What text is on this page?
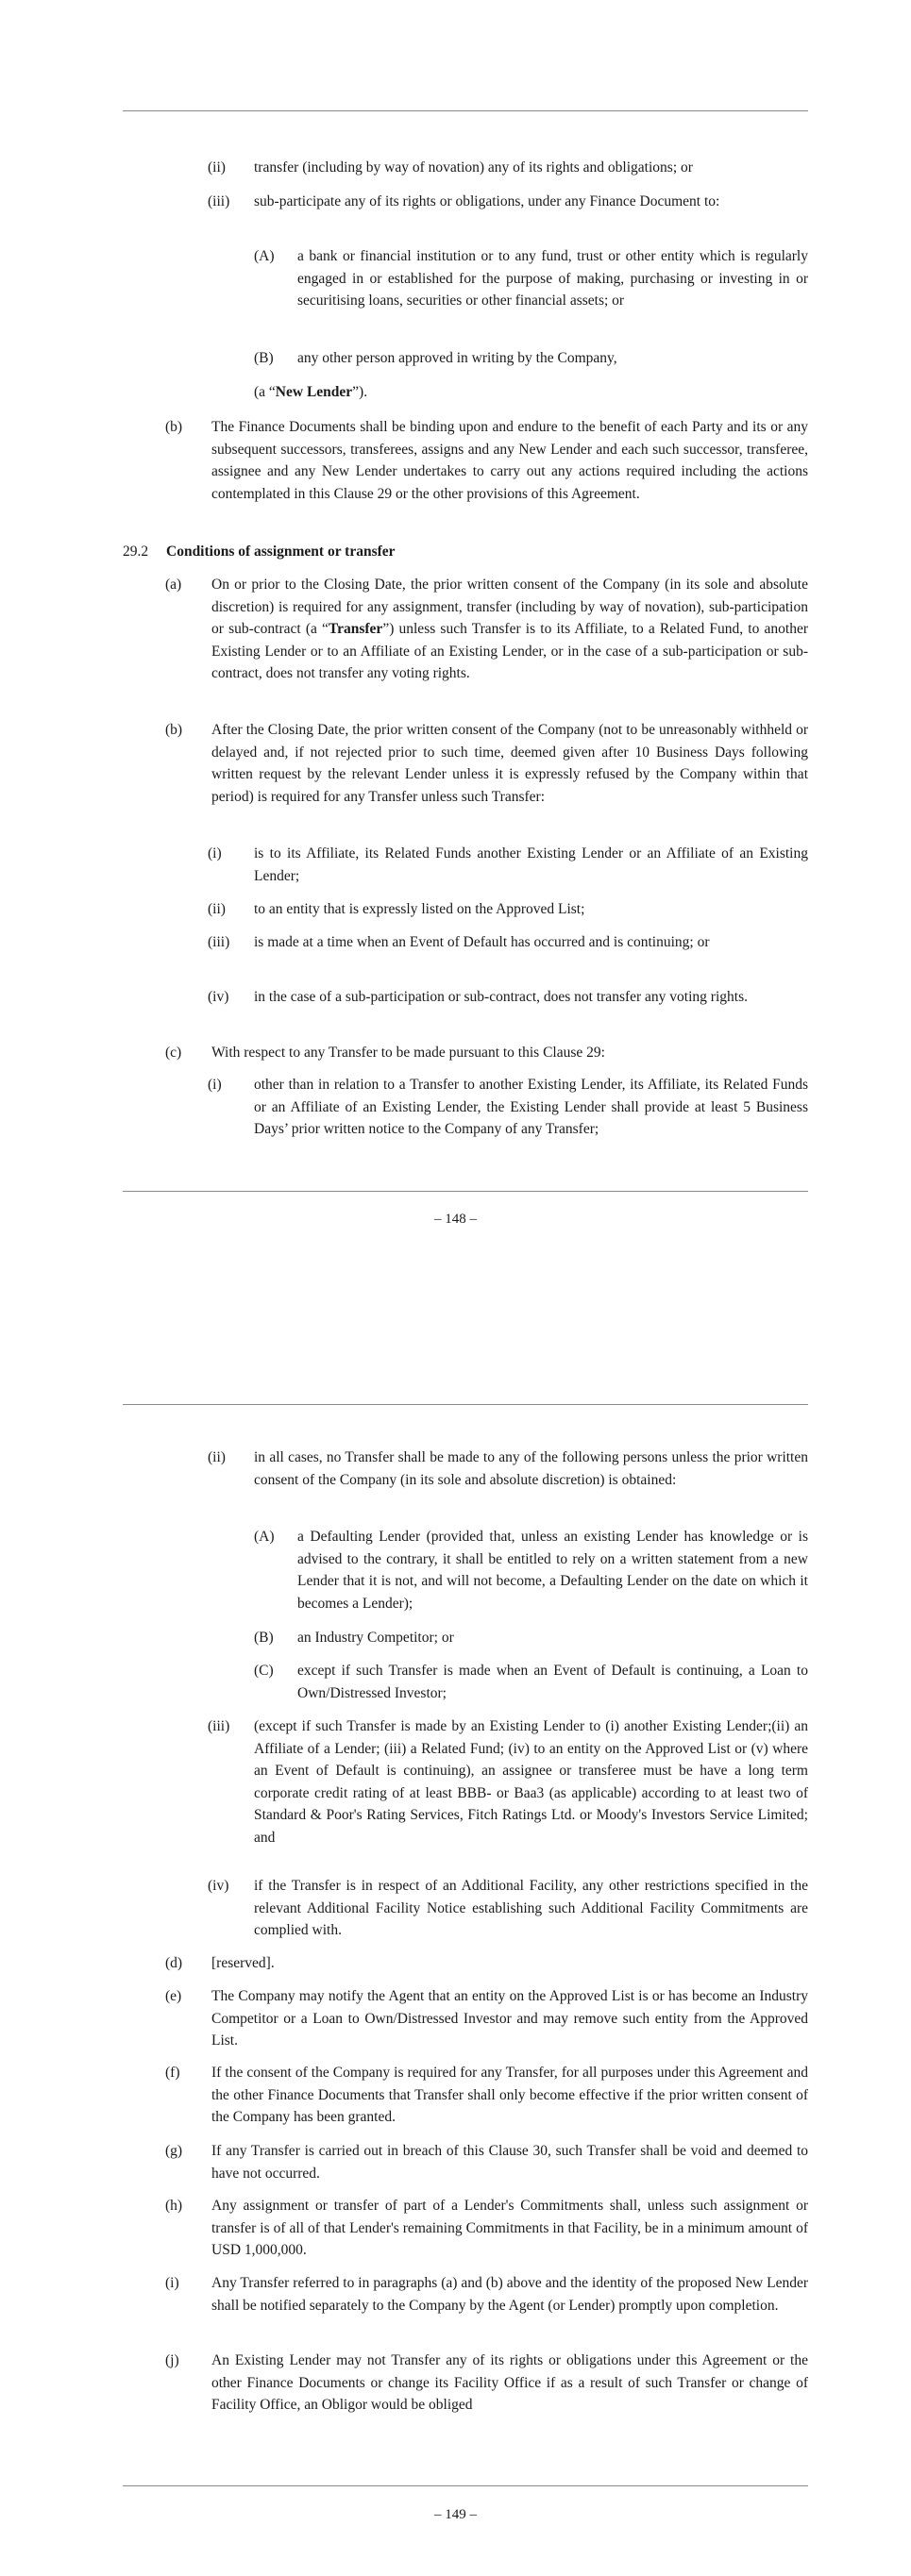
(ii) transfer (including by way of novation) any of its rights and obligations; or
(iii) sub-participate any of its rights or obligations, under any Finance Document to:
(A) a bank or financial institution or to any fund, trust or other entity which is regularly engaged in or established for the purpose of making, purchasing or investing in or securitising loans, securities or other financial assets; or
(B) any other person approved in writing by the Company,
(a “New Lender”).
(b) The Finance Documents shall be binding upon and endure to the benefit of each Party and its or any subsequent successors, transferees, assigns and any New Lender and each such successor, transferee, assignee and any New Lender undertakes to carry out any actions required including the actions contemplated in this Clause 29 or the other provisions of this Agreement.
29.2 Conditions of assignment or transfer
(a) On or prior to the Closing Date, the prior written consent of the Company (in its sole and absolute discretion) is required for any assignment, transfer (including by way of novation), sub-participation or sub-contract (a “Transfer”) unless such Transfer is to its Affiliate, to a Related Fund, to another Existing Lender or to an Affiliate of an Existing Lender, or in the case of a sub-participation or sub-contract, does not transfer any voting rights.
(b) After the Closing Date, the prior written consent of the Company (not to be unreasonably withheld or delayed and, if not rejected prior to such time, deemed given after 10 Business Days following written request by the relevant Lender unless it is expressly refused by the Company within that period) is required for any Transfer unless such Transfer:
(i) is to its Affiliate, its Related Funds another Existing Lender or an Affiliate of an Existing Lender;
(ii) to an entity that is expressly listed on the Approved List;
(iii) is made at a time when an Event of Default has occurred and is continuing; or
(iv) in the case of a sub-participation or sub-contract, does not transfer any voting rights.
(c) With respect to any Transfer to be made pursuant to this Clause 29:
(i) other than in relation to a Transfer to another Existing Lender, its Affiliate, its Related Funds or an Affiliate of an Existing Lender, the Existing Lender shall provide at least 5 Business Days’ prior written notice to the Company of any Transfer;
– 148 –
(ii) in all cases, no Transfer shall be made to any of the following persons unless the prior written consent of the Company (in its sole and absolute discretion) is obtained:
(A) a Defaulting Lender (provided that, unless an existing Lender has knowledge or is advised to the contrary, it shall be entitled to rely on a written statement from a new Lender that it is not, and will not become, a Defaulting Lender on the date on which it becomes a Lender);
(B) an Industry Competitor; or
(C) except if such Transfer is made when an Event of Default is continuing, a Loan to Own/Distressed Investor;
(iii) (except if such Transfer is made by an Existing Lender to (i) another Existing Lender;(ii) an Affiliate of a Lender; (iii) a Related Fund; (iv) to an entity on the Approved List or (v) where an Event of Default is continuing), an assignee or transferee must be have a long term corporate credit rating of at least BBB- or Baa3 (as applicable) according to at least two of Standard & Poor's Rating Services, Fitch Ratings Ltd. or Moody's Investors Service Limited; and
(iv) if the Transfer is in respect of an Additional Facility, any other restrictions specified in the relevant Additional Facility Notice establishing such Additional Facility Commitments are complied with.
(d) [reserved].
(e) The Company may notify the Agent that an entity on the Approved List is or has become an Industry Competitor or a Loan to Own/Distressed Investor and may remove such entity from the Approved List.
(f) If the consent of the Company is required for any Transfer, for all purposes under this Agreement and the other Finance Documents that Transfer shall only become effective if the prior written consent of the Company has been granted.
(g) If any Transfer is carried out in breach of this Clause 30, such Transfer shall be void and deemed to have not occurred.
(h) Any assignment or transfer of part of a Lender's Commitments shall, unless such assignment or transfer is of all of that Lender's remaining Commitments in that Facility, be in a minimum amount of USD 1,000,000.
(i) Any Transfer referred to in paragraphs (a) and (b) above and the identity of the proposed New Lender shall be notified separately to the Company by the Agent (or Lender) promptly upon completion.
(j) An Existing Lender may not Transfer any of its rights or obligations under this Agreement or the other Finance Documents or change its Facility Office if as a result of such Transfer or change of Facility Office, an Obligor would be obliged
– 149 –
